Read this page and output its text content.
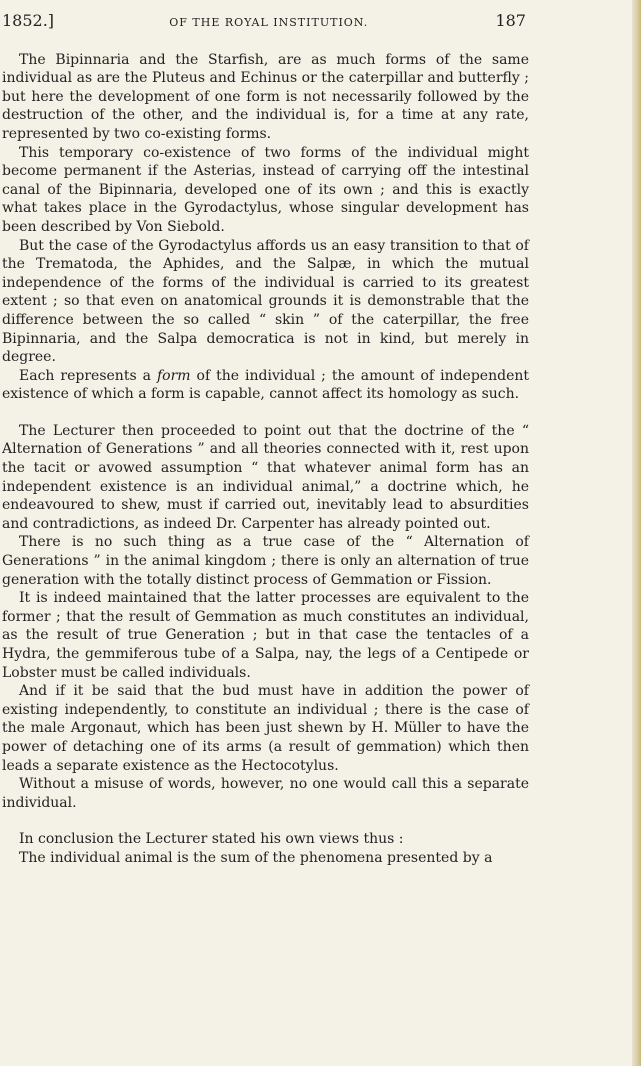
1852.]	OF THE ROYAL INSTITUTION.	187

The Bipinnaria and the Starfish, are as much forms of the same individual as are the Pluteus and Echinus or the caterpillar and butterfly ; but here the development of one form is not necessarily followed by the destruction of the other, and the individual is, for a time at any rate, represented by two co-existing forms.

This temporary co-existence of two forms of the individual might become permanent if the Asterias, instead of carrying off the intestinal canal of the Bipinnaria, developed one of its own ; and this is exactly what takes place in the Gyrodactylus, whose singular development has been described by Von Siebold.

But the case of the Gyrodactylus affords us an easy transition to that of the Trematoda, the Aphides, and the Salpæ, in which the mutual independence of the forms of the individual is carried to its greatest extent ; so that even on anatomical grounds it is demonstrable that the difference between the so called “ skin ” of the caterpillar, the free Bipinnaria, and the Salpa democratica is not in kind, but merely in degree.

Each represents a form of the individual ; the amount of independent existence of which a form is capable, cannot affect its homology as such.

The Lecturer then proceeded to point out that the doctrine of the “ Alternation of Generations ” and all theories connected with it, rest upon the tacit or avowed assumption “ that whatever animal form has an independent existence is an individual animal,” a doctrine which, he endeavoured to shew, must if carried out, inevitably lead to absurdities and contradictions, as indeed Dr. Carpenter has already pointed out.

There is no such thing as a true case of the “ Alternation of Generations ” in the animal kingdom ; there is only an alternation of true generation with the totally distinct process of Gemmation or Fission.

It is indeed maintained that the latter processes are equivalent to the former ; that the result of Gemmation as much constitutes an individual, as the result of true Generation ; but in that case the tentacles of a Hydra, the gemmiferous tube of a Salpa, nay, the legs of a Centipede or Lobster must be called individuals.

And if it be said that the bud must have in addition the power of existing independently, to constitute an individual ; there is the case of the male Argonaut, which has been just shewn by H. Müller to have the power of detaching one of its arms (a result of gemmation) which then leads a separate existence as the Hectocotylus.

Without a misuse of words, however, no one would call this a separate individual.

In conclusion the Lecturer stated his own views thus :

The individual animal is the sum of the phenomena presented by a
